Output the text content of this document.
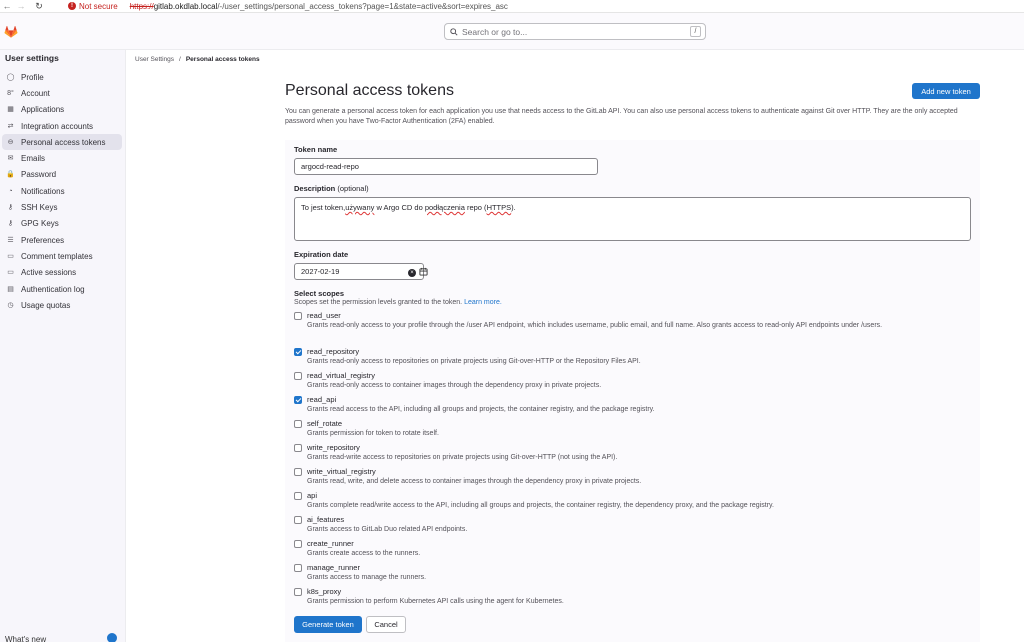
← →	↻	! Not secure https://gitlab.okdlab.local/-/user_settings/personal_access_tokens?page=1&state=active&sort=expires_asc
Search or go to...	/
User settings
◯ Profile
8° Account
▦ Applications
⇄ Integration accounts
⊖ Personal access tokens
✉ Emails
🔒 Password
◔ Notifications
⚷ SSH Keys
⚷ GPG Keys
☰ Preferences
▭ Comment templates
▭ Active sessions
▤ Authentication log
◷ Usage quotas
What's new
User Settings / Personal access tokens
Personal access tokens	Add new token

You can generate a personal access token for each application you use that needs access to the GitLab API. You can also use personal access tokens to authenticate against Git over HTTP. They are the only accepted password when you have Two-Factor Authentication (2FA) enabled.

Token name
argocd-read-repo
Description (optional)
To jest token,używany w Argo CD do podłączenia repo (HTTPS).
Expiration date
2027-02-19	×
Select scopes
Scopes set the permission levels granted to the token. Learn more.
read_user
Grants read-only access to your profile through the /user API endpoint, which includes username, public email, and full name. Also grants access to read-only API endpoints under /users.
read_repository
Grants read-only access to repositories on private projects using Git-over-HTTP or the Repository Files API.
read_virtual_registry
Grants read-only access to container images through the dependency proxy in private projects.
read_api
Grants read access to the API, including all groups and projects, the container registry, and the package registry.
self_rotate
Grants permission for token to rotate itself.
write_repository
Grants read-write access to repositories on private projects using Git-over-HTTP (not using the API).
write_virtual_registry
Grants read, write, and delete access to container images through the dependency proxy in private projects.
api
Grants complete read/write access to the API, including all groups and projects, the container registry, the dependency proxy, and the package registry.
ai_features
Grants access to GitLab Duo related API endpoints.
create_runner
Grants create access to the runners.
manage_runner
Grants access to manage the runners.
k8s_proxy
Grants permission to perform Kubernetes API calls using the agent for Kubernetes.
Generate token	Cancel
